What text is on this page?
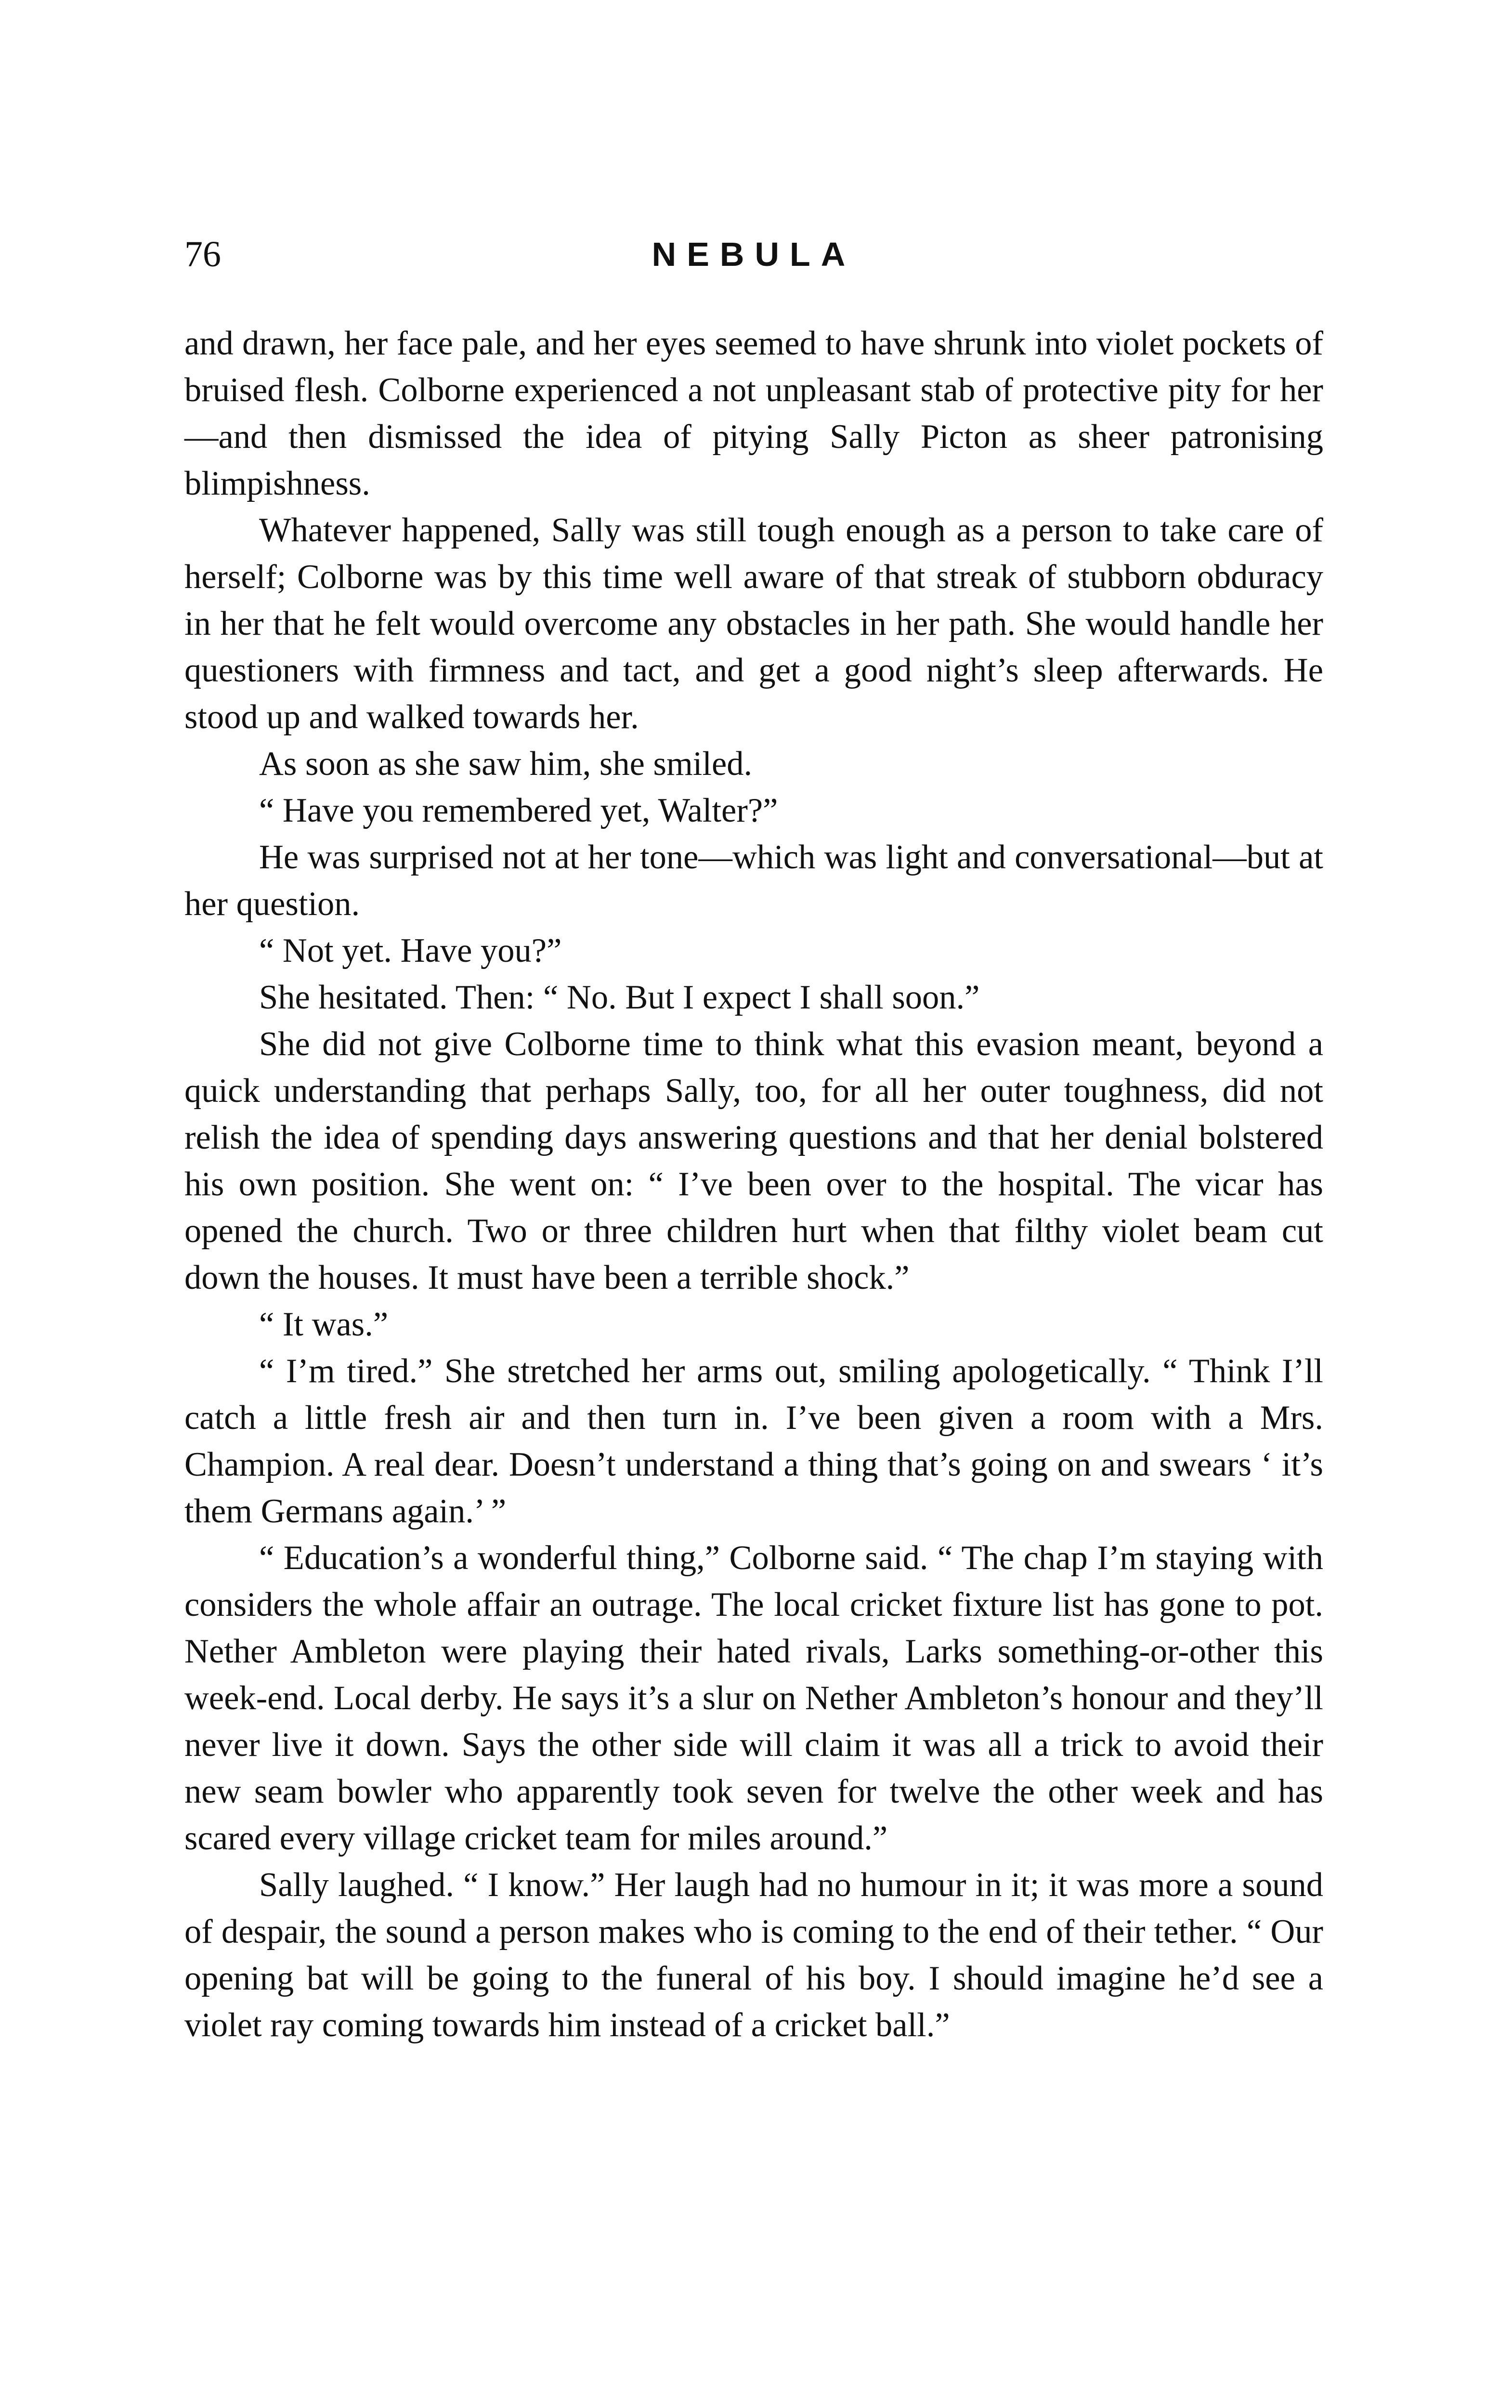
76	NEBULA

and drawn, her face pale, and her eyes seemed to have shrunk into violet pockets of bruised flesh. Colborne experienced a not unpleasant stab of protective pity for her—and then dismissed the idea of pitying Sally Picton as sheer patronising blimpishness.

Whatever happened, Sally was still tough enough as a person to take care of herself; Colborne was by this time well aware of that streak of stubborn obduracy in her that he felt would overcome any obstacles in her path. She would handle her questioners with firmness and tact, and get a good night’s sleep afterwards. He stood up and walked towards her.

As soon as she saw him, she smiled.

“ Have you remembered yet, Walter?”

He was surprised not at her tone—which was light and conversational—but at her question.

“ Not yet. Have you?”

She hesitated. Then: “ No. But I expect I shall soon.”

She did not give Colborne time to think what this evasion meant, beyond a quick understanding that perhaps Sally, too, for all her outer toughness, did not relish the idea of spending days answering questions and that her denial bolstered his own position. She went on: “ I’ve been over to the hospital. The vicar has opened the church. Two or three children hurt when that filthy violet beam cut down the houses. It must have been a terrible shock.”

“ It was.”

“ I’m tired.” She stretched her arms out, smiling apologetically. “ Think I’ll catch a little fresh air and then turn in. I’ve been given a room with a Mrs. Champion. A real dear. Doesn’t understand a thing that’s going on and swears ‘ it’s them Germans again.’ ”

“ Education’s a wonderful thing,” Colborne said. “ The chap I’m staying with considers the whole affair an outrage. The local cricket fixture list has gone to pot. Nether Ambleton were playing their hated rivals, Larks something-or-other this week-end. Local derby. He says it’s a slur on Nether Ambleton’s honour and they’ll never live it down. Says the other side will claim it was all a trick to avoid their new seam bowler who apparently took seven for twelve the other week and has scared every village cricket team for miles around.”

Sally laughed. “ I know.” Her laugh had no humour in it; it was more a sound of despair, the sound a person makes who is coming to the end of their tether. “ Our opening bat will be going to the funeral of his boy. I should imagine he’d see a violet ray coming towards him instead of a cricket ball.”
